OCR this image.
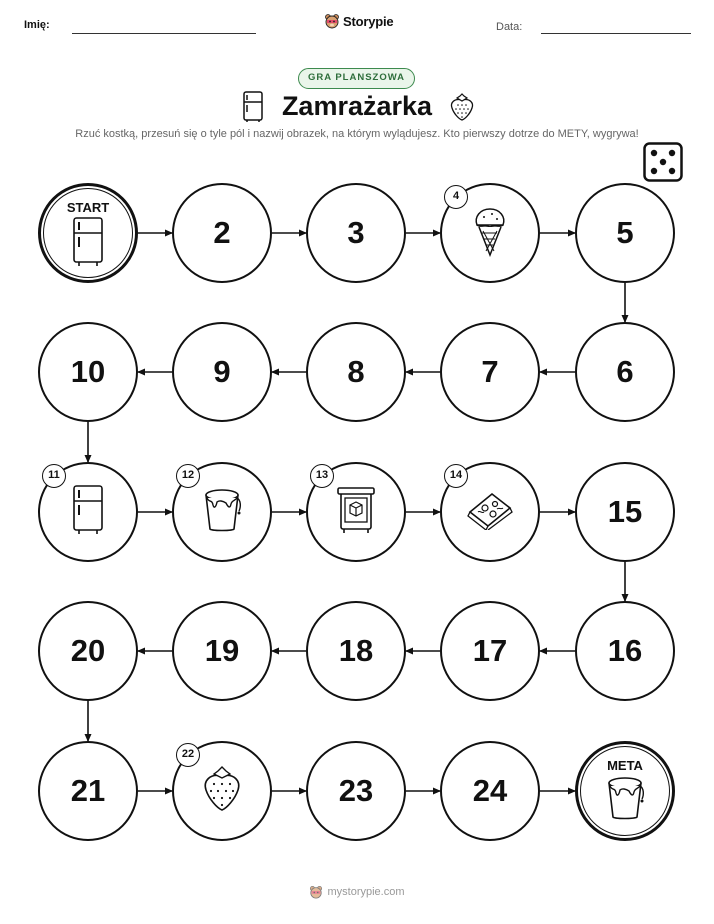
Imię:	Storypie	Data:
GRA PLANSZOWA
Zamrażarka
Rzuć kostką, przesuń się o tyle pól i nazwij obrazek, na którym wylądujesz. Kto pierwszy dotrze do METY, wygrywa!
META
24
23
21
20	19	18	17	16
15
10	9	8	7	6
5
3
2
START
4
11	12	13	14
22
mystorypie.com
